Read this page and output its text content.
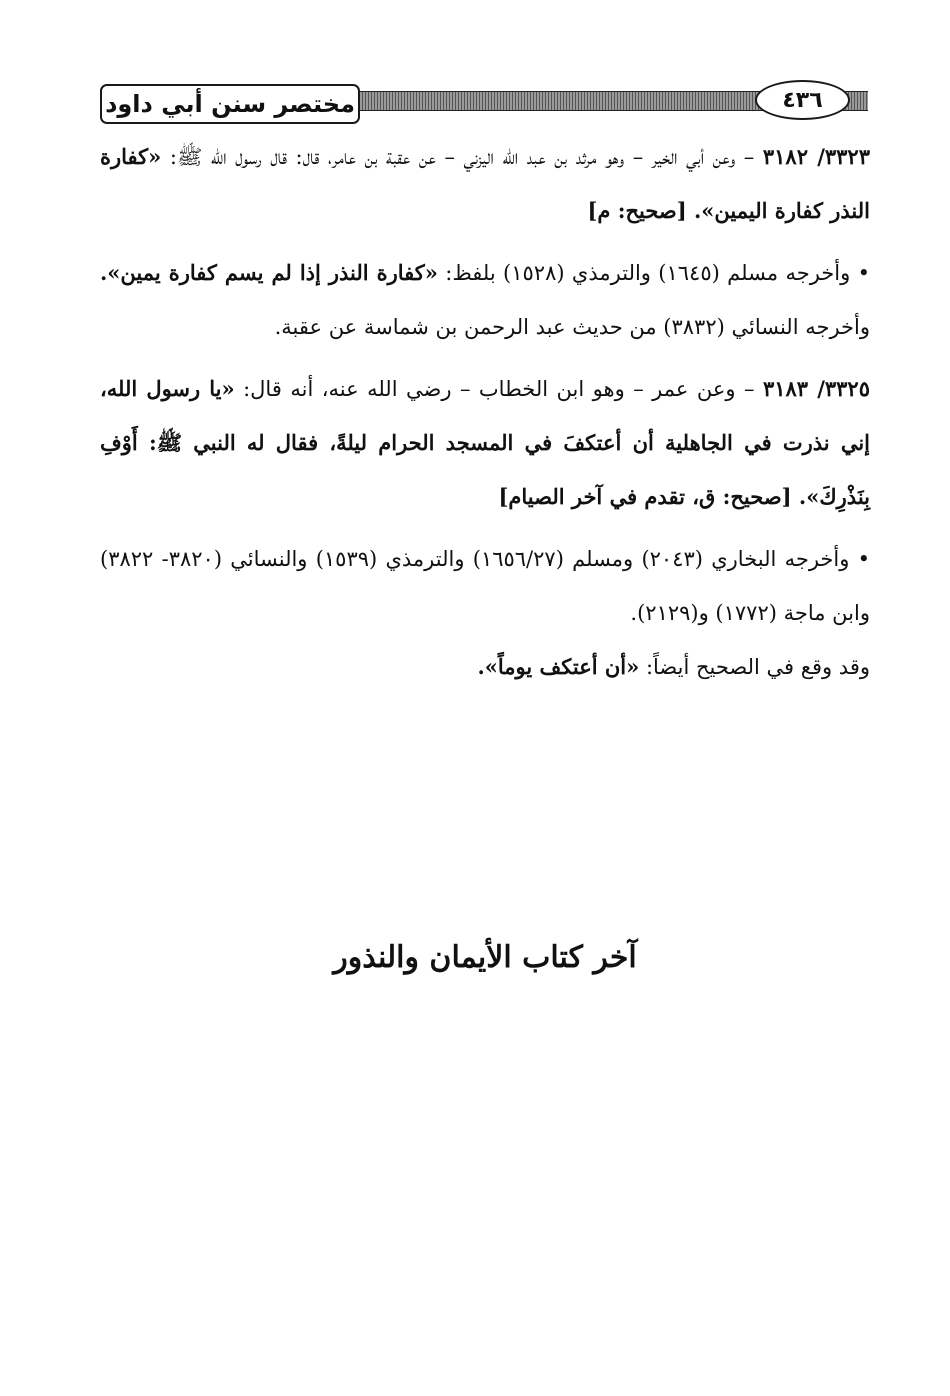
مختصر سنن أبي داود	٤٣٦

٣٣٢٣/ ٣١٨٢ – وعن أبي الخير – وهو مرثد بن عبد الله اليزني – عن عقبة بن عامر، قال: قال رسول الله ﷺ: «كفارة النذر كفارة اليمين». [صحيح: م]

• وأخرجه مسلم (١٦٤٥) والترمذي (١٥٢٨) بلفظ: «كفارة النذر إذا لم يسم كفارة يمين». وأخرجه النسائي (٣٨٣٢) من حديث عبد الرحمن بن شماسة عن عقبة.

٣٣٢٥/ ٣١٨٣ – وعن عمر – وهو ابن الخطاب – رضي الله عنه، أنه قال: «يا رسول الله، إني نذرت في الجاهلية أن أعتكفَ في المسجد الحرام ليلةً، فقال له النبي ﷺ: أَوْفِ بِنَذْرِكَ». [صحيح: ق، تقدم في آخر الصيام]

• وأخرجه البخاري (٢٠٤٣) ومسلم (١٦٥٦/٢٧) والترمذي (١٥٣٩) والنسائي (٣٨٢٠- ٣٨٢٢) وابن ماجة (١٧٧٢) و(٢١٢٩).

وقد وقع في الصحيح أيضاً: «أن أعتكف يوماً».

آخر كتاب الأيمان والنذور
